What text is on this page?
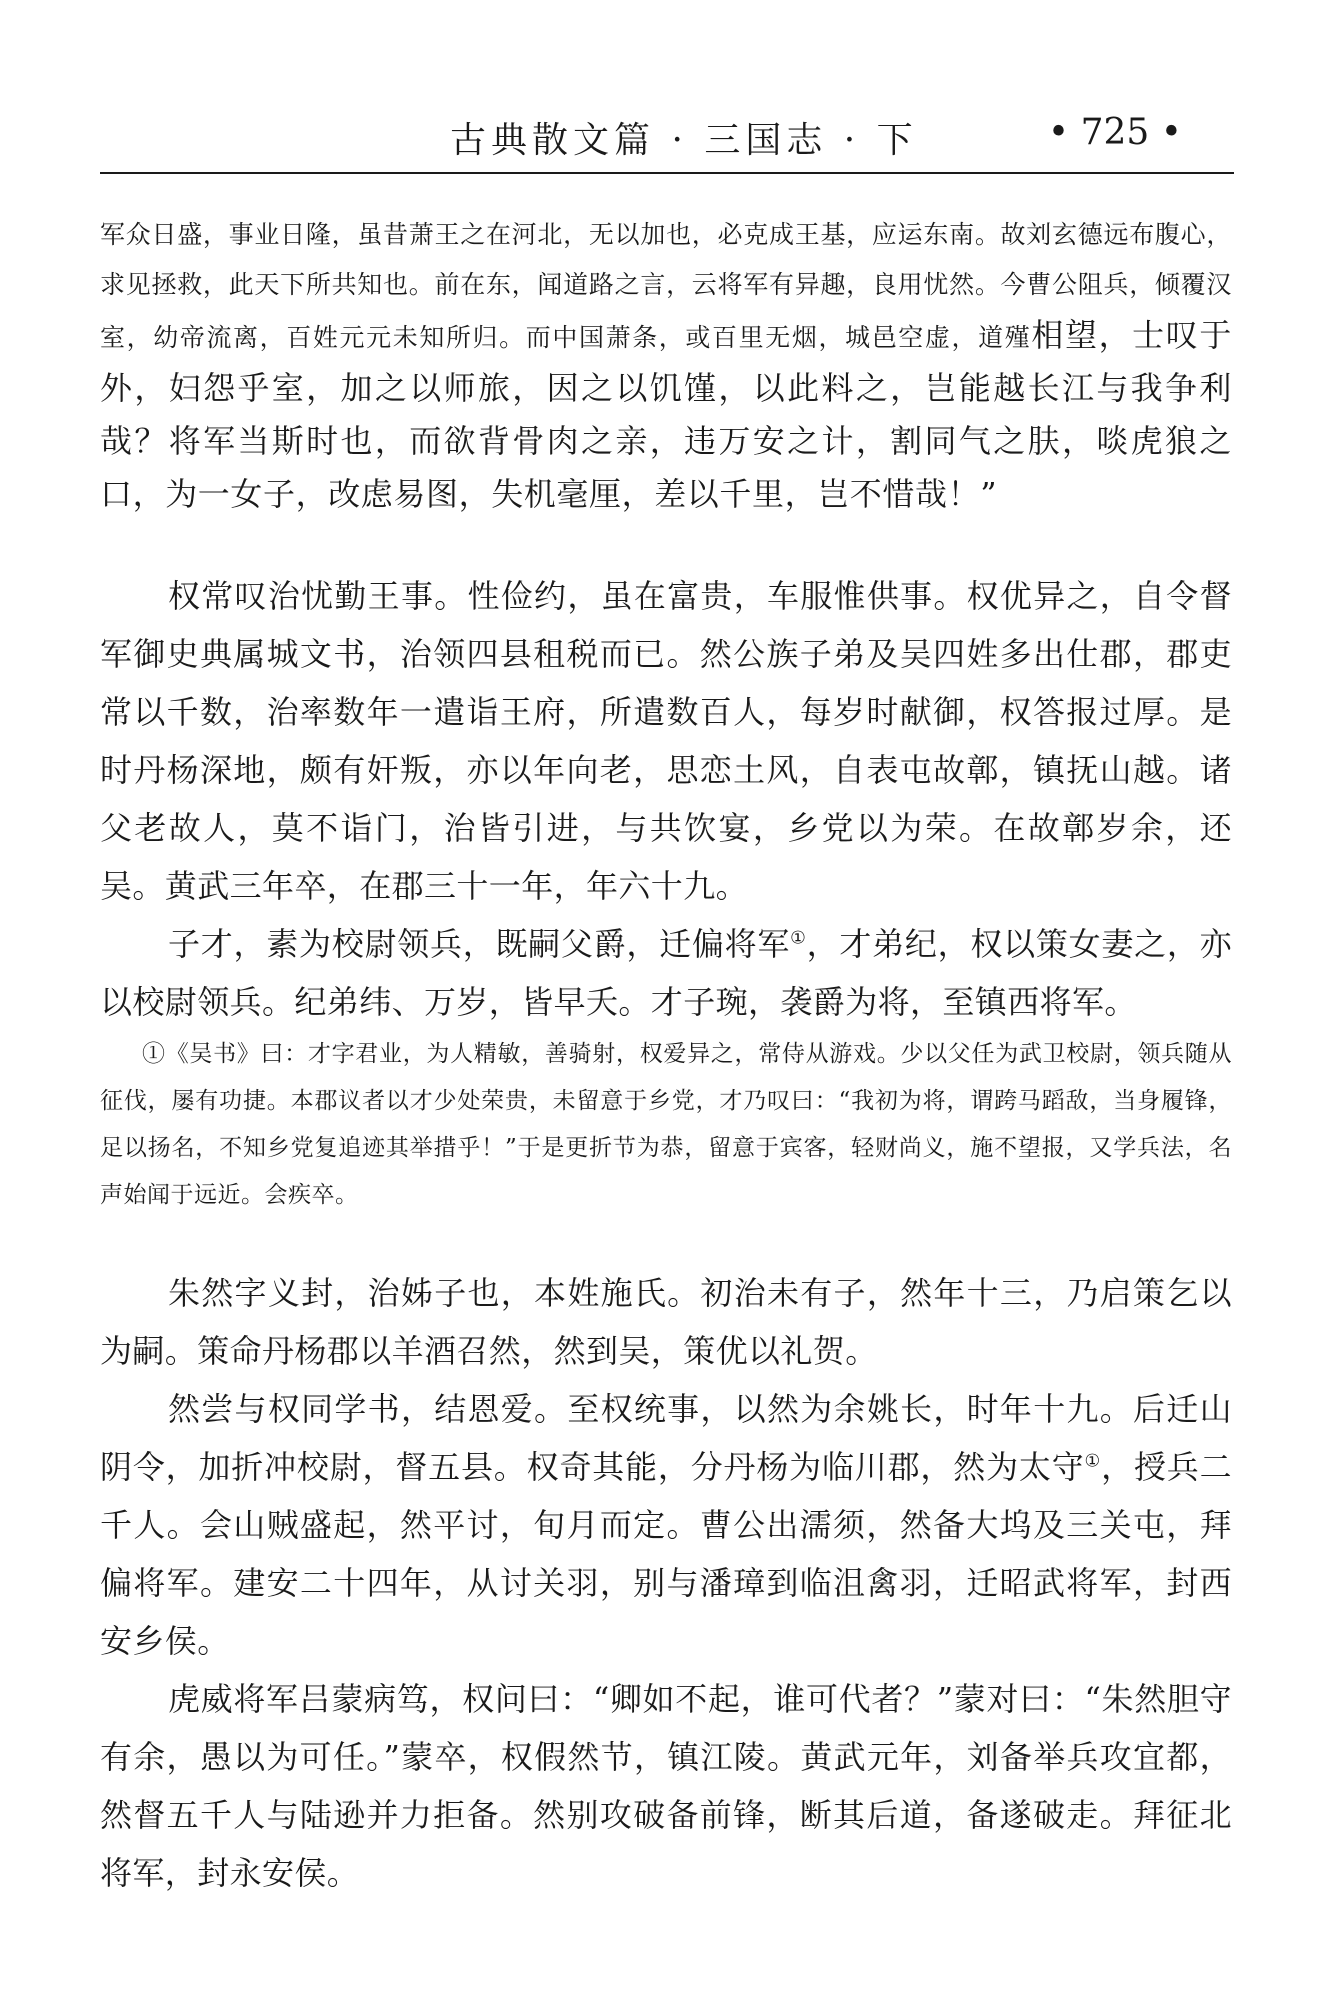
古典散文篇 · 三国志 · 下	• 725 •

军众日盛，事业日隆，虽昔萧王之在河北，无以加也，必克成王基，应运东南。故刘玄德远布腹心，求见拯救，此天下所共知也。前在东，闻道路之言，云将军有异趣，良用忧然。今曹公阻兵，倾覆汉室，幼帝流离，百姓元元未知所归。而中国萧条，或百里无烟，城邑空虚，道殣相望，士叹于外，妇怨乎室，加之以师旅，因之以饥馑，以此料之，岂能越长江与我争利哉？将军当斯时也，而欲背骨肉之亲，违万安之计，割同气之肤，啖虎狼之口，为一女子，改虑易图，失机毫厘，差以千里，岂不惜哉！”

权常叹治忧勤王事。性俭约，虽在富贵，车服惟供事。权优异之，自令督军御史典属城文书，治领四县租税而已。然公族子弟及吴四姓多出仕郡，郡吏常以千数，治率数年一遣诣王府，所遣数百人，每岁时献御，权答报过厚。是时丹杨深地，颇有奸叛，亦以年向老，思恋土风，自表屯故鄣，镇抚山越。诸父老故人，莫不诣门，治皆引进，与共饮宴，乡党以为荣。在故鄣岁余，还吴。黄武三年卒，在郡三十一年，年六十九。

子才，素为校尉领兵，既嗣父爵，迁偏将军①，才弟纪，权以策女妻之，亦以校尉领兵。纪弟纬、万岁，皆早夭。才子琬，袭爵为将，至镇西将军。

①《吴书》曰：才字君业，为人精敏，善骑射，权爱异之，常侍从游戏。少以父任为武卫校尉，领兵随从征伐，屡有功捷。本郡议者以才少处荣贵，未留意于乡党，才乃叹曰：“我初为将，谓跨马蹈敌，当身履锋，足以扬名，不知乡党复追迹其举措乎！”于是更折节为恭，留意于宾客，轻财尚义，施不望报，又学兵法，名声始闻于远近。会疾卒。

朱然字义封，治姊子也，本姓施氏。初治未有子，然年十三，乃启策乞以为嗣。策命丹杨郡以羊酒召然，然到吴，策优以礼贺。

然尝与权同学书，结恩爱。至权统事，以然为余姚长，时年十九。后迁山阴令，加折冲校尉，督五县。权奇其能，分丹杨为临川郡，然为太守①，授兵二千人。会山贼盛起，然平讨，旬月而定。曹公出濡须，然备大坞及三关屯，拜偏将军。建安二十四年，从讨关羽，别与潘璋到临沮禽羽，迁昭武将军，封西安乡侯。

虎威将军吕蒙病笃，权问曰：“卿如不起，谁可代者？”蒙对曰：“朱然胆守有余，愚以为可任。”蒙卒，权假然节，镇江陵。黄武元年，刘备举兵攻宜都，然督五千人与陆逊并力拒备。然别攻破备前锋，断其后道，备遂破走。拜征北将军，封永安侯。
